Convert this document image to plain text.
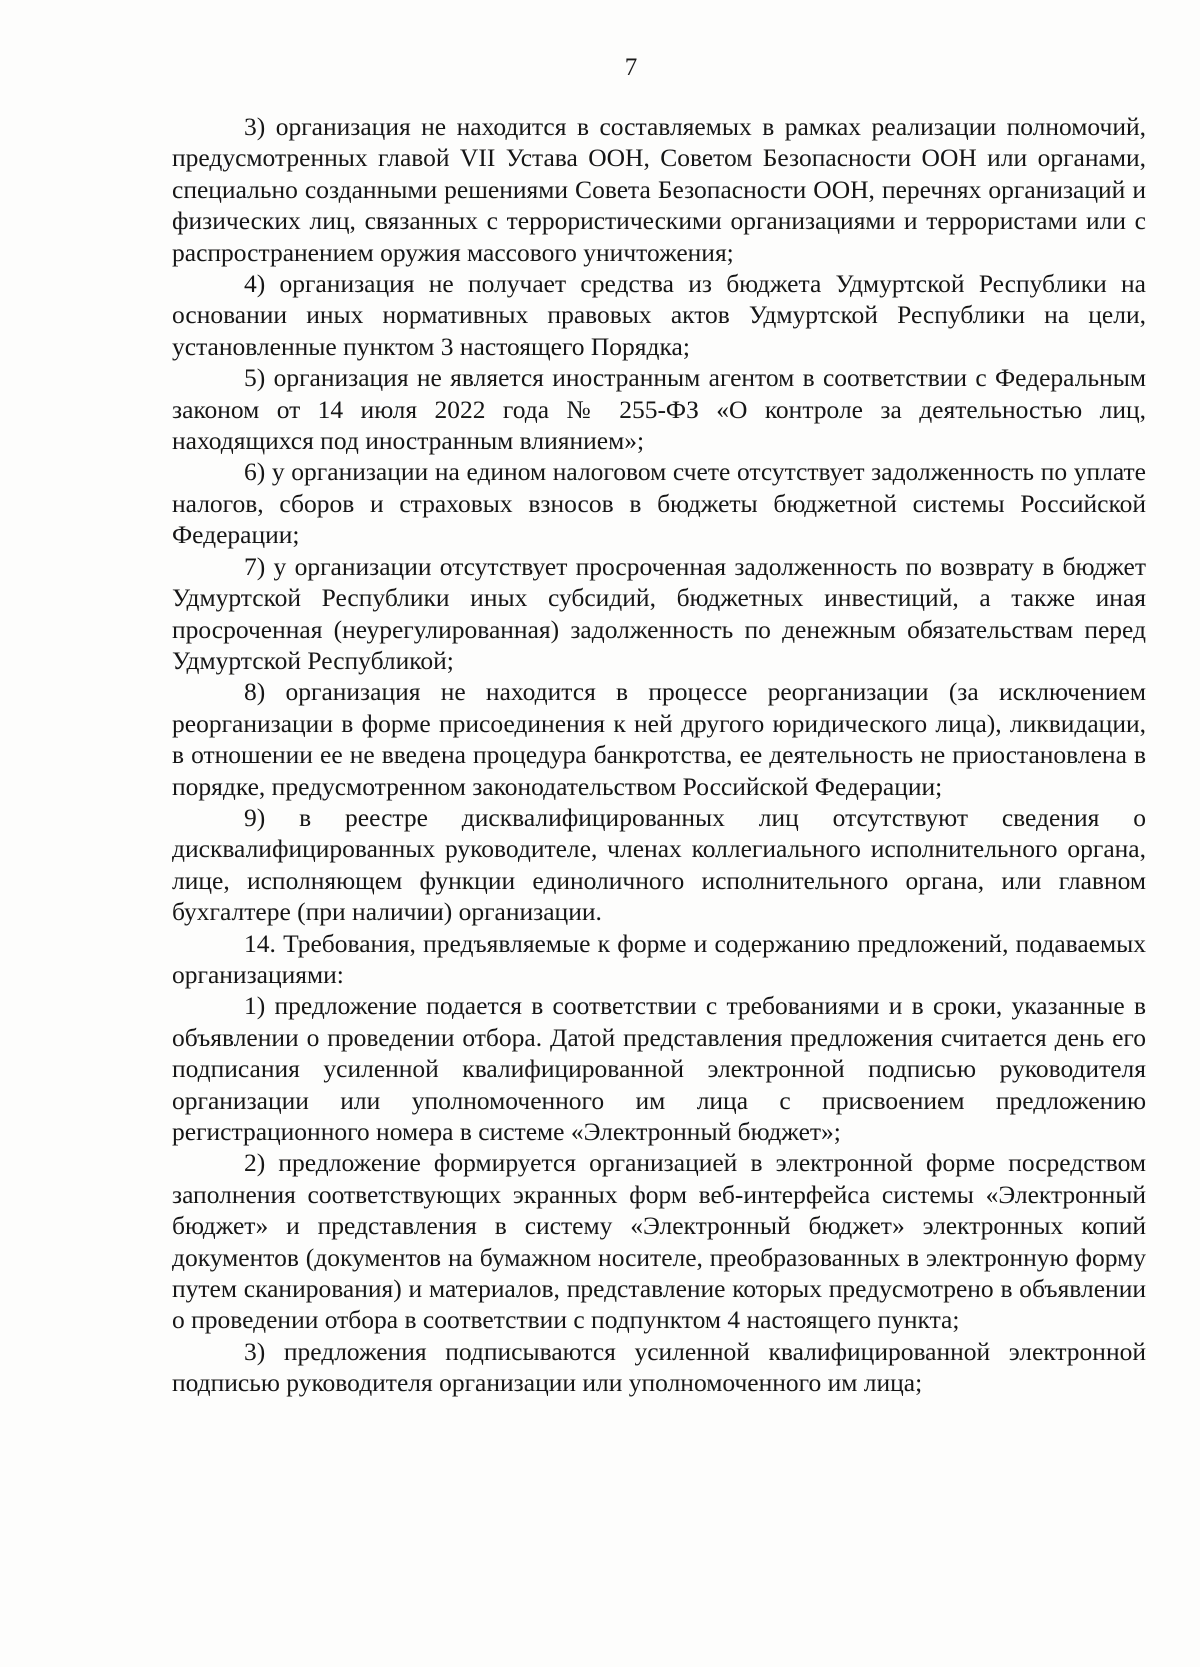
7

3) организация не находится в составляемых в рамках реализации полномочий, предусмотренных главой VII Устава ООН, Советом Безопасности ООН или органами, специально созданными решениями Совета Безопасности ООН, перечнях организаций и физических лиц, связанных с террористическими организациями и террористами или с распространением оружия массового уничтожения;

4) организация не получает средства из бюджета Удмуртской Республики на основании иных нормативных правовых актов Удмуртской Республики на цели, установленные пунктом 3 настоящего Порядка;

5) организация не является иностранным агентом в соответствии с Федеральным законом от 14 июля 2022 года № 255-ФЗ «О контроле за деятельностью лиц, находящихся под иностранным влиянием»;

6) у организации на едином налоговом счете отсутствует задолженность по уплате налогов, сборов и страховых взносов в бюджеты бюджетной системы Российской Федерации;

7) у организации отсутствует просроченная задолженность по возврату в бюджет Удмуртской Республики иных субсидий, бюджетных инвестиций, а также иная просроченная (неурегулированная) задолженность по денежным обязательствам перед Удмуртской Республикой;

8) организация не находится в процессе реорганизации (за исключением реорганизации в форме присоединения к ней другого юридического лица), ликвидации, в отношении ее не введена процедура банкротства, ее деятельность не приостановлена в порядке, предусмотренном законодательством Российской Федерации;

9) в реестре дисквалифицированных лиц отсутствуют сведения о дисквалифицированных руководителе, членах коллегиального исполнительного органа, лице, исполняющем функции единоличного исполнительного органа, или главном бухгалтере (при наличии) организации.

14. Требования, предъявляемые к форме и содержанию предложений, подаваемых организациями:

1) предложение подается в соответствии с требованиями и в сроки, указанные в объявлении о проведении отбора. Датой представления предложения считается день его подписания усиленной квалифицированной электронной подписью руководителя организации или уполномоченного им лица с присвоением предложению регистрационного номера в системе «Электронный бюджет»;

2) предложение формируется организацией в электронной форме посредством заполнения соответствующих экранных форм веб-интерфейса системы «Электронный бюджет» и представления в систему «Электронный бюджет» электронных копий документов (документов на бумажном носителе, преобразованных в электронную форму путем сканирования) и материалов, представление которых предусмотрено в объявлении о проведении отбора в соответствии с подпунктом 4 настоящего пункта;

3) предложения подписываются усиленной квалифицированной электронной подписью руководителя организации или уполномоченного им лица;
